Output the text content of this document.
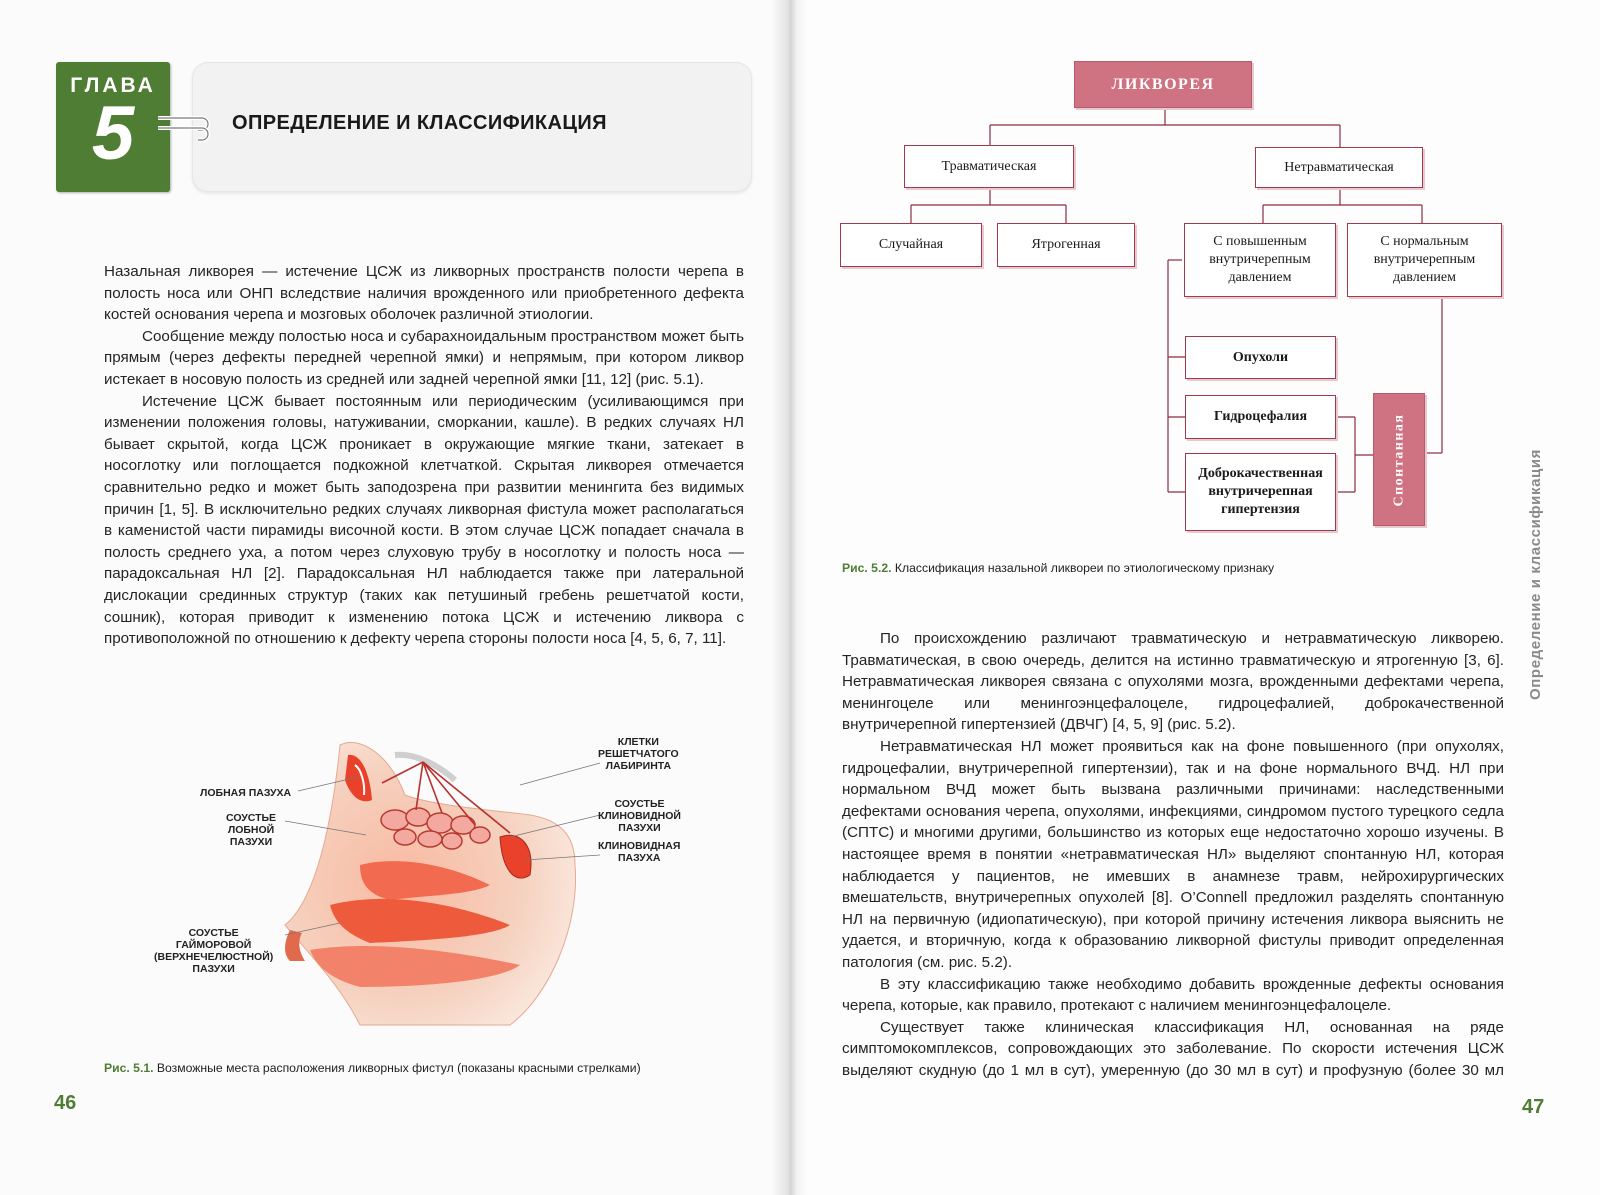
ГЛАВА
5	ОПРЕДЕЛЕНИЕ И КЛАССИФИКАЦИЯ

Назальная ликворея — истечение ЦСЖ из ликворных пространств полости черепа в полость носа или ОНП вследствие наличия врожденного или приобретенного дефекта костей основания черепа и мозговых оболочек различной этиологии.

Сообщение между полостью носа и субарахноидальным пространством может быть прямым (через дефекты передней черепной ямки) и непрямым, при котором ликвор истекает в носовую полость из средней или задней черепной ямки [11, 12] (рис. 5.1).

Истечение ЦСЖ бывает постоянным или периодическим (усиливающимся при изменении положения головы, натуживании, сморкании, кашле). В редких случаях НЛ бывает скрытой, когда ЦСЖ проникает в окружающие мягкие ткани, затекает в носоглотку или поглощается подкожной клетчаткой. Скрытая ликворея отмечается сравнительно редко и может быть заподозрена при развитии менингита без видимых причин [1, 5]. В исключительно редких случаях ликворная фистула может располагаться в каменистой части пирамиды височной кости. В этом случае ЦСЖ попадает сначала в полость среднего уха, а потом через слуховую трубу в носоглотку и полость носа — парадоксальная НЛ [2]. Парадоксальная НЛ наблюдается также при латеральной дислокации срединных структур (таких как петушиный гребень решетчатой кости, сошник), которая приводит к изменению потока ЦСЖ и истечению ликвора с противоположной по отношению к дефекту черепа стороны полости носа [4, 5, 6, 7, 11].

ЛОБНАЯ ПАЗУХА
СОУСТЬЕ
ЛОБНОЙ
ПАЗУХИ
СОУСТЬЕ
ГАЙМОРОВОЙ
(ВЕРХНЕЧЕЛЮСТНОЙ)
ПАЗУХИ
КЛЕТКИ
РЕШЕТЧАТОГО
ЛАБИРИНТА
СОУСТЬЕ
КЛИНОВИДНОЙ
ПАЗУХИ
КЛИНОВИДНАЯ
ПАЗУХА
Рис. 5.1. Возможные места расположения ликворных фистул (показаны красными стрелками)
46
ЛИКВОРЕЯ
Травматическая	Нетравматическая
Случайная	Ятрогенная	С повышенным
внутричерепным
давлением
С нормальным
внутричерепным
давлением
Опухоли
Гидроцефалия
Доброкачественная
внутричерепная
гипертензия
Спонтанная
Рис. 5.2. Классификация назальной ликвореи по этиологическому признаку

По происхождению различают травматическую и нетравматическую ликворею. Травматическая, в свою очередь, делится на истинно травматическую и ятрогенную [3, 6]. Нетравматическая ликворея связана с опухолями мозга, врожденными дефектами черепа, менингоцеле или менингоэнцефалоцеле, гидроцефалией, доброкачественной внутричерепной гипертензией (ДВЧГ) [4, 5, 9] (рис. 5.2).

Нетравматическая НЛ может проявиться как на фоне повышенного (при опухолях, гидроцефалии, внутричерепной гипертензии), так и на фоне нормального ВЧД. НЛ при нормальном ВЧД может быть вызвана различными причинами: наследственными дефектами основания черепа, опухолями, инфекциями, синдромом пустого турецкого седла (СПТС) и многими другими, большинство из которых еще недостаточно хорошо изучены. В настоящее время в понятии «нетравматическая НЛ» выделяют спонтанную НЛ, которая наблюдается у пациентов, не имевших в анамнезе травм, нейрохирургических вмешательств, внутричерепных опухолей [8]. O’Connell предложил разделять спонтанную НЛ на первичную (идиопатическую), при которой причину истечения ликвора выяснить не удается, и вторичную, когда к образованию ликворной фистулы приводит определенная патология (см. рис. 5.2).

В эту классификацию также необходимо добавить врожденные дефекты основания черепа, которые, как правило, протекают с наличием менингоэнцефалоцеле.

Существует также клиническая классификация НЛ, основанная на ряде симптомокомплексов, сопровождающих это заболевание. По скорости истечения ЦСЖ выделяют скудную (до 1 мл в сут), умеренную (до 30 мл в сут) и профузную (более 30 мл

Определение и классификация
47
